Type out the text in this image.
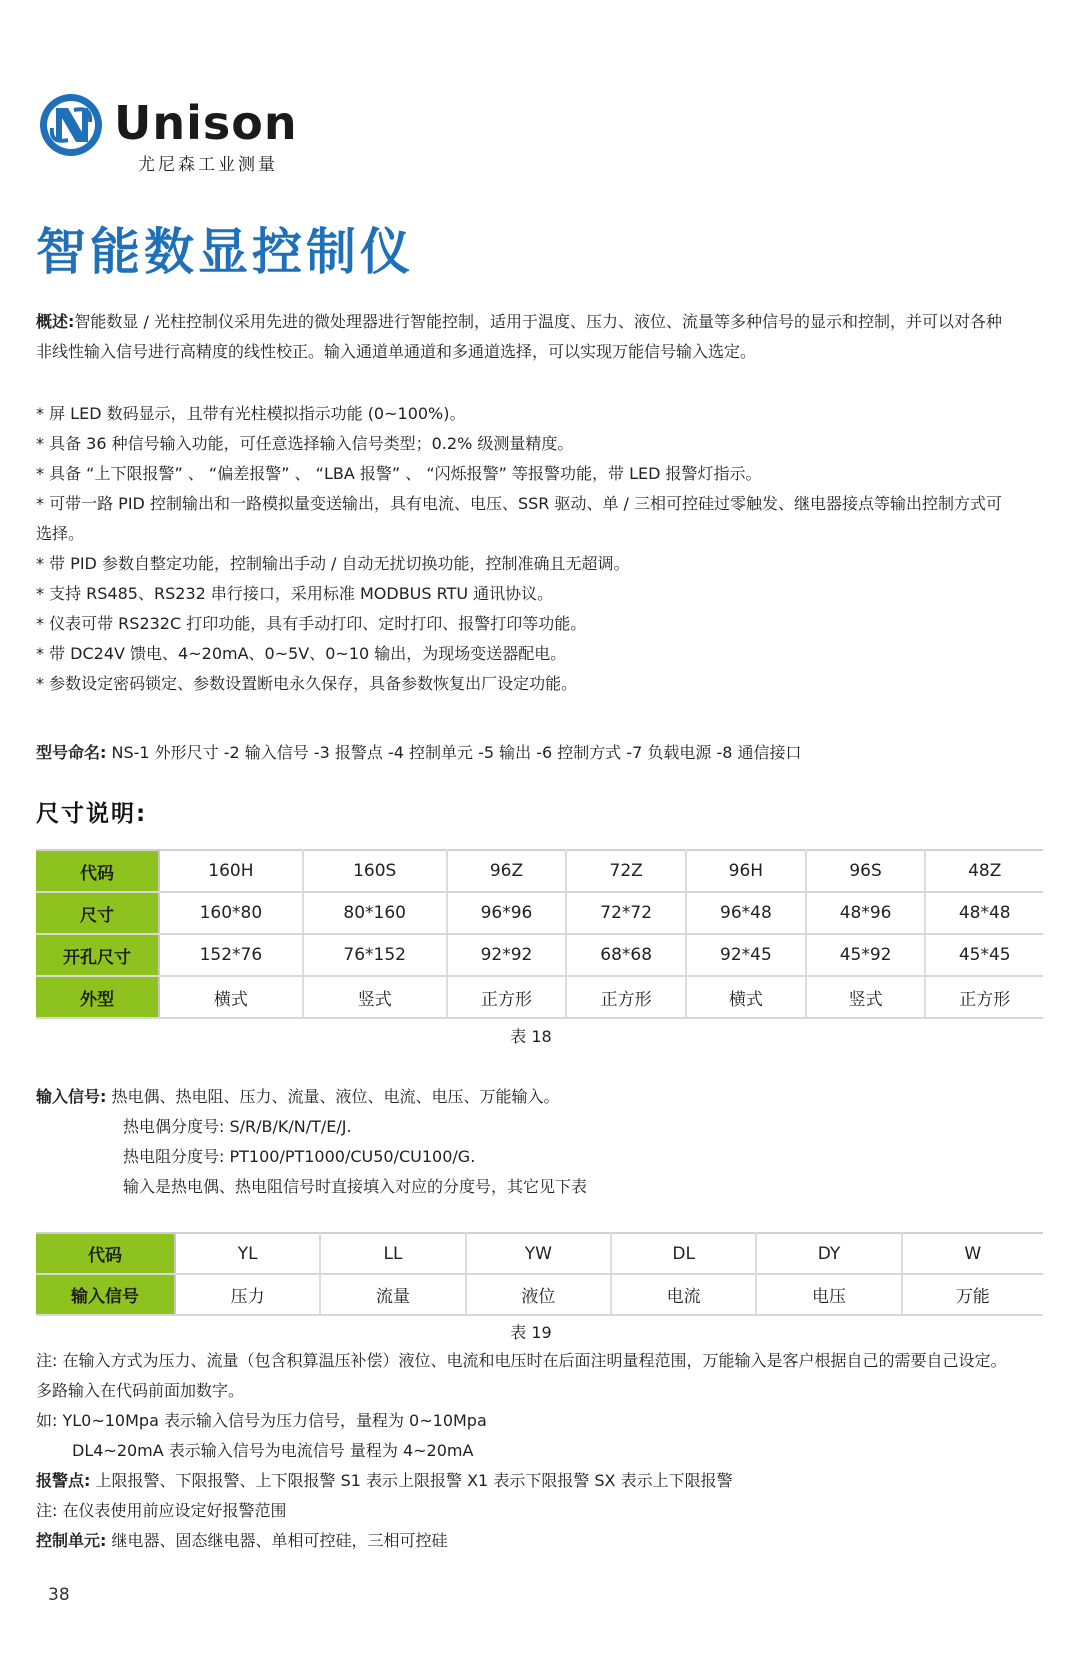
Unison
尤尼森工业测量
智能数显控制仪
概述:智能数显 / 光柱控制仪采用先进的微处理器进行智能控制，适用于温度、压力、液位、流量等多种信号的显示和控制，并可以对各种非线性输入信号进行高精度的线性校正。输入通道单通道和多通道选择，可以实现万能信号输入选定。
* 屏 LED 数码显示，且带有光柱模拟指示功能 (0~100%)。
* 具备 36 种信号输入功能，可任意选择输入信号类型；0.2% 级测量精度。
* 具备 “上下限报警” 、 “偏差报警” 、 “LBA 报警” 、 “闪烁报警” 等报警功能，带 LED 报警灯指示。
* 可带一路 PID 控制输出和一路模拟量变送输出，具有电流、电压、SSR 驱动、单 / 三相可控硅过零触发、继电器接点等输出控制方式可选择。
* 带 PID 参数自整定功能，控制输出手动 / 自动无扰切换功能，控制准确且无超调。
* 支持 RS485、RS232 串行接口，采用标准 MODBUS RTU 通讯协议。
* 仪表可带 RS232C 打印功能，具有手动打印、定时打印、报警打印等功能。
* 带 DC24V 馈电、4~20mA、0~5V、0~10 输出，为现场变送器配电。
* 参数设定密码锁定、参数设置断电永久保存，具备参数恢复出厂设定功能。
型号命名: NS-1 外形尺寸 -2 输入信号 -3 报警点 -4 控制单元 -5 输出 -6 控制方式 -7 负载电源 -8 通信接口
尺寸说明:
代码	160H	160S	96Z	72Z	96H	96S	48Z
尺寸	160*80	80*160	96*96	72*72	96*48	48*96	48*48
开孔尺寸	152*76	76*152	92*92	68*68	92*45	45*92	45*45
外型	横式	竖式	正方形	正方形	横式	竖式	正方形
表 18
输入信号: 热电偶、热电阻、压力、流量、液位、电流、电压、万能输入。
热电偶分度号: S/R/B/K/N/T/E/J.
热电阻分度号: PT100/PT1000/CU50/CU100/G.
输入是热电偶、热电阻信号时直接填入对应的分度号，其它见下表
代码	YL	LL	YW	DL	DY	W
输入信号	压力	流量	液位	电流	电压	万能
表 19
注: 在输入方式为压力、流量（包含积算温压补偿）液位、电流和电压时在后面注明量程范围，万能输入是客户根据自己的需要自己设定。多路输入在代码前面加数字。
如: YL0~10Mpa 表示输入信号为压力信号，量程为 0~10Mpa
DL4~20mA 表示输入信号为电流信号 量程为 4~20mA
报警点: 上限报警、下限报警、上下限报警 S1 表示上限报警 X1 表示下限报警 SX 表示上下限报警
注: 在仪表使用前应设定好报警范围
控制单元: 继电器、固态继电器、单相可控硅，三相可控硅
38
